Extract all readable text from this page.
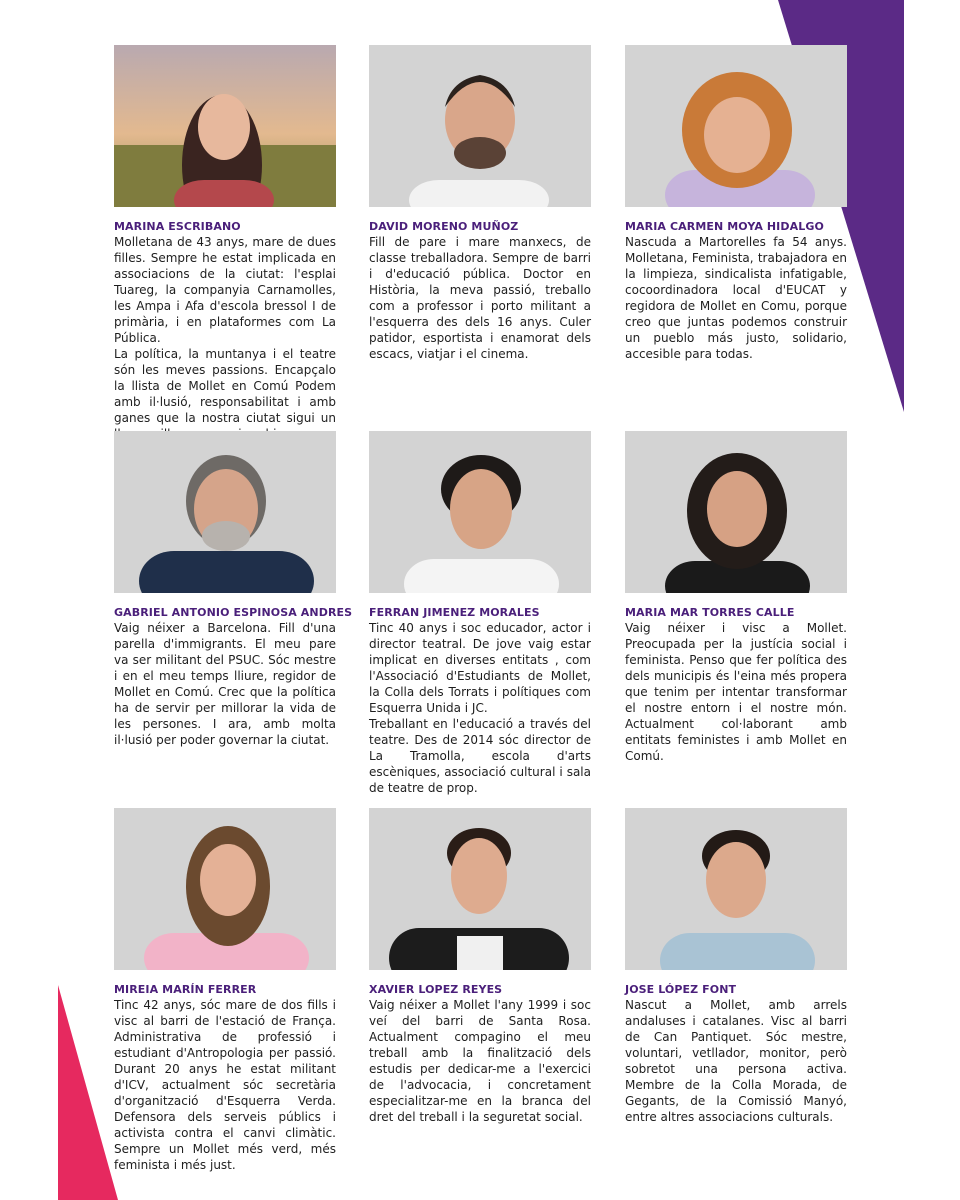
MARINA ESCRIBANO
Molletana de 43 anys, mare de dues filles. Sempre he estat implicada en associacions de la ciutat: l'esplai Tuareg, la companyia Carnamolles, les Ampa i Afa d'escola bressol I de primària, i en plataformes com La Pública.
La política, la muntanya i el teatre són les meves passions. Encapçalo la llista de Mollet en Comú Podem amb il·lusió, responsabilitat i amb ganes que la nostra ciutat sigui un
DAVID MORENO MUÑOZ
Fill de pare i mare manxecs, de classe treballadora. Sempre de barri i d'educació pública. Doctor en Història, la meva passió, treballo com a professor i porto militant a l'esquerra des dels 16 anys. Culer patidor, esportista i enamorat dels escacs, viatjar i el cinema.
MARIA CARMEN MOYA HIDALGO
Nascuda a Martorelles fa 54 anys. Molletana, Feminista, trabajadora en la limpieza, sindicalista infatigable, cocoordinadora local d'EUCAT y regidora de Mollet en Comu, porque creo que juntas podemos construir un pueblo más justo, solidario, accesible para todas.
GABRIEL ANTONIO ESPINOSA ANDRES
Vaig néixer a Barcelona. Fill d'una parella d'immigrants. El meu pare va ser militant del PSUC. Sóc mestre i en el meu temps lliure, regidor de Mollet en Comú. Crec que la política ha de servir per millorar la vida de les persones. I ara, amb molta il·lusió per poder governar la ciutat.
FERRAN JIMENEZ MORALES
Tinc 40 anys i soc educador, actor i director teatral. De jove vaig estar implicat en diverses entitats , com l'Associació d'Estudiants de Mollet, la Colla dels Torrats i polítiques com Esquerra Unida i JC.
Treballant en l'educació a través del teatre. Des de 2014 sóc director de La Tramolla, escola d'arts escèniques, associació cultural i sala de teatre de prop.
MARIA MAR TORRES CALLE
Vaig néixer i visc a Mollet. Preocupada per la justícia social i feminista. Penso que fer política des dels municipis és l'eina més propera que tenim per intentar transformar el nostre entorn i el nostre món. Actualment col·laborant amb entitats feministes i amb Mollet en Comú.
MIREIA MARÍN FERRER
Tinc 42 anys, sóc mare de dos fills i visc al barri de l'estació de França. Administrativa de professió i estudiant d'Antropologia per passió. Durant 20 anys he estat militant d'ICV, actualment sóc secretària d'organització d'Esquerra Verda. Defensora dels serveis públics i activista contra el canvi climàtic. Sempre un Mollet més verd, més feminista i més just.
XAVIER LOPEZ REYES
Vaig néixer a Mollet l'any 1999 i soc veí del barri de Santa Rosa. Actualment compagino el meu treball amb la finalització dels estudis per dedicar-me a l'exercici de l'advocacia, i concretament especialitzar-me en la branca del dret del treball i la seguretat social.
JOSE LÓPEZ FONT
Nascut a Mollet, amb arrels andaluses i catalanes. Visc al barri de Can Pantiquet. Sóc mestre, voluntari, vetllador, monitor, però sobretot una persona activa. Membre de la Colla Morada, de Gegants, de la Comissió Manyó, entre altres associacions culturals.
